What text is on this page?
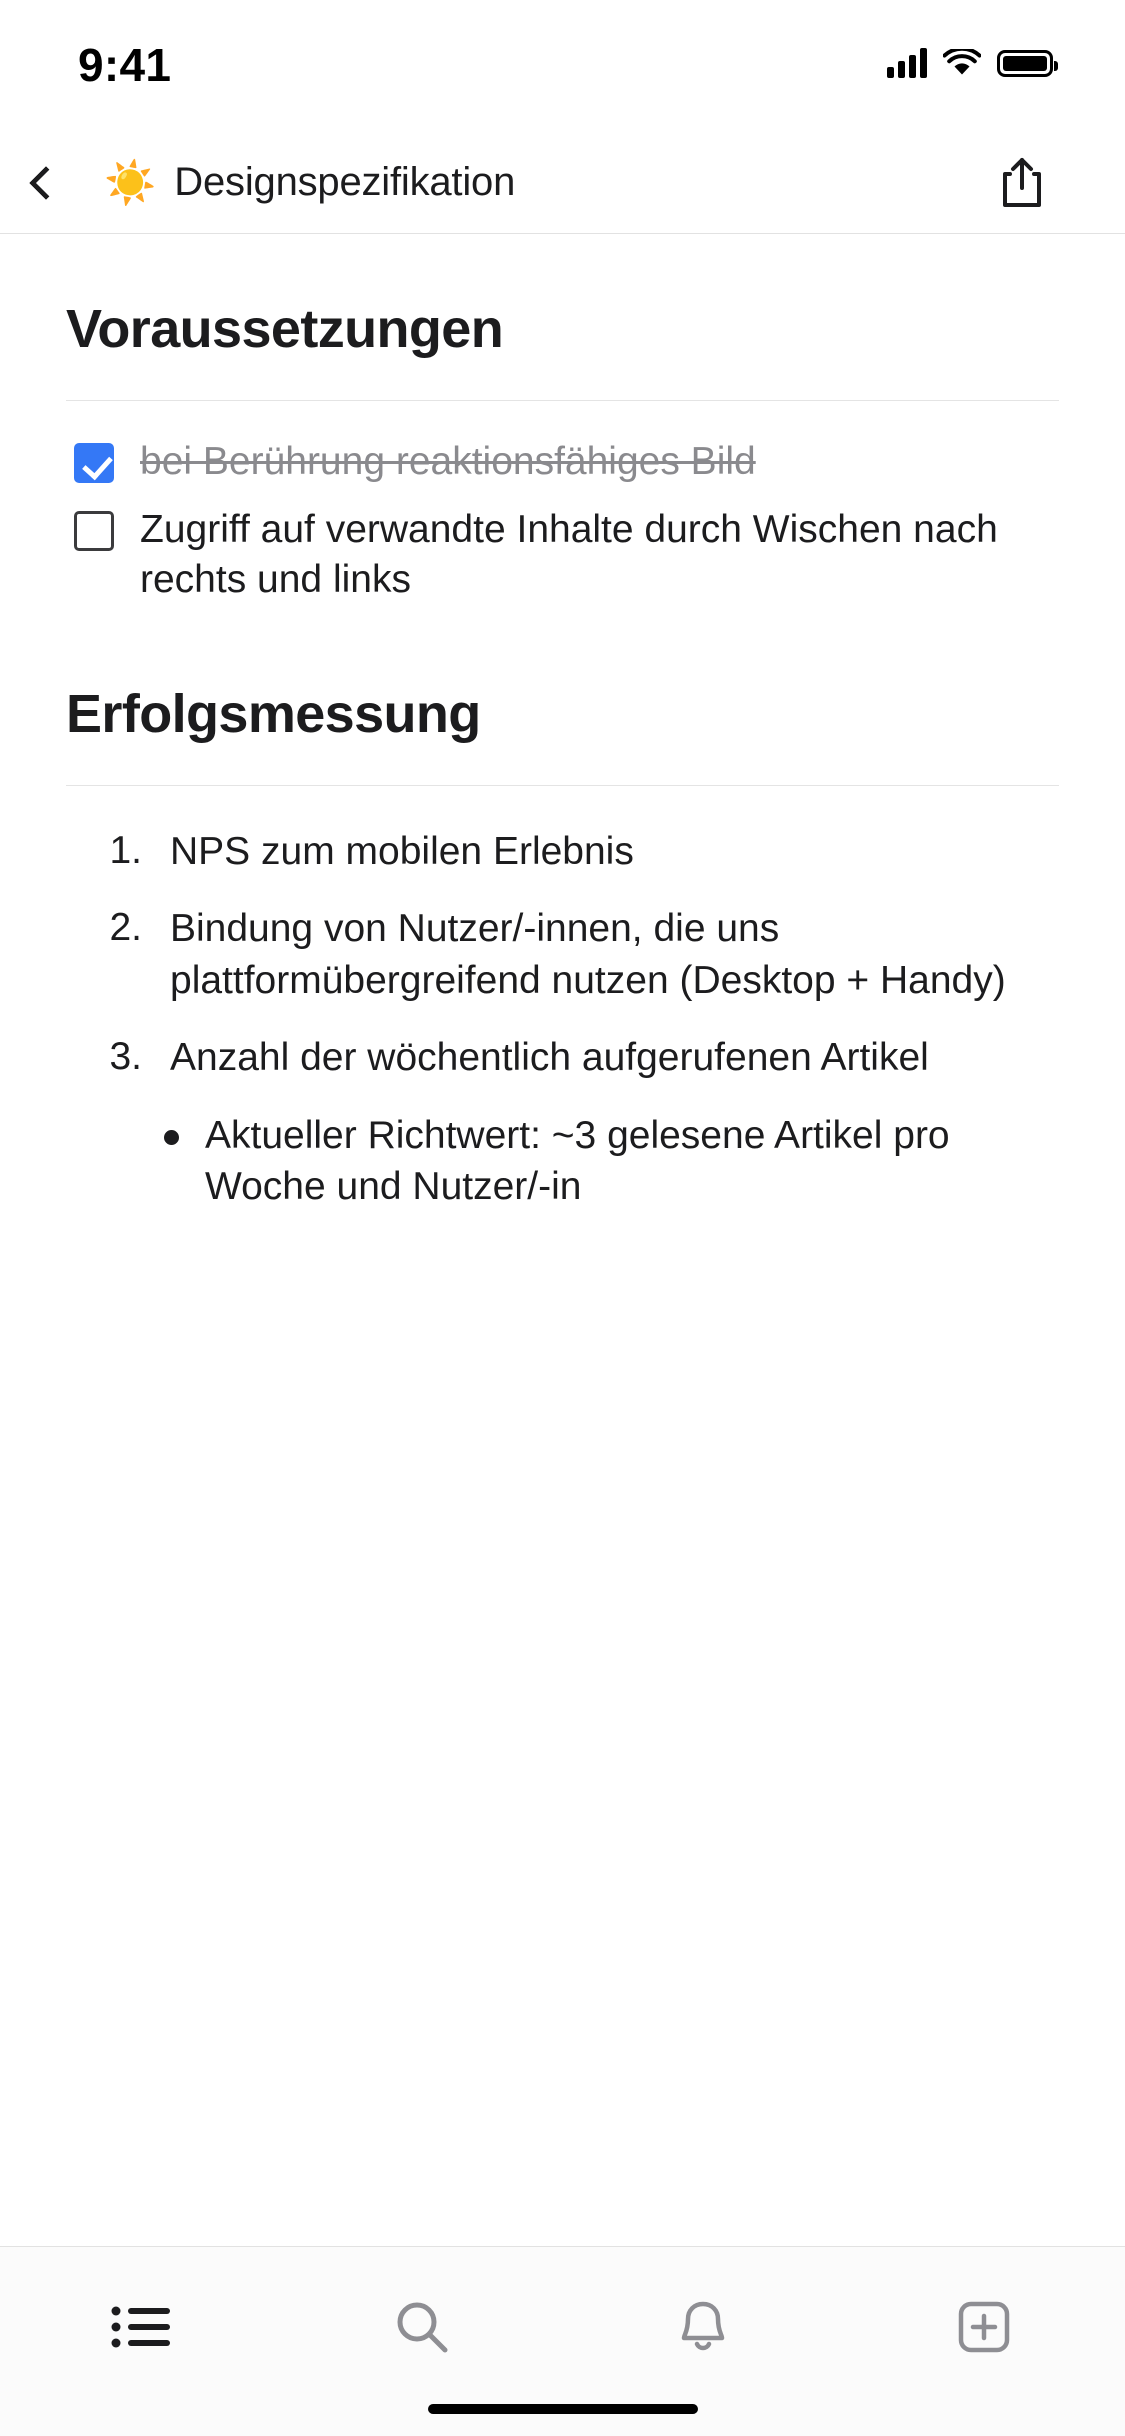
9:41
☀️ Designspezifikation
Voraussetzungen
bei Berührung reaktionsfähiges Bild
Zugriff auf verwandte Inhalte durch Wischen nach rechts und links
Erfolgsmessung
1. NPS zum mobilen Erlebnis
2. Bindung von Nutzer/-innen, die uns plattformübergreifend nutzen (Desktop + Handy)
3. Anzahl der wöchentlich aufgerufenen Artikel
Aktueller Richtwert: ~3 gelesene Artikel pro Woche und Nutzer/-in
